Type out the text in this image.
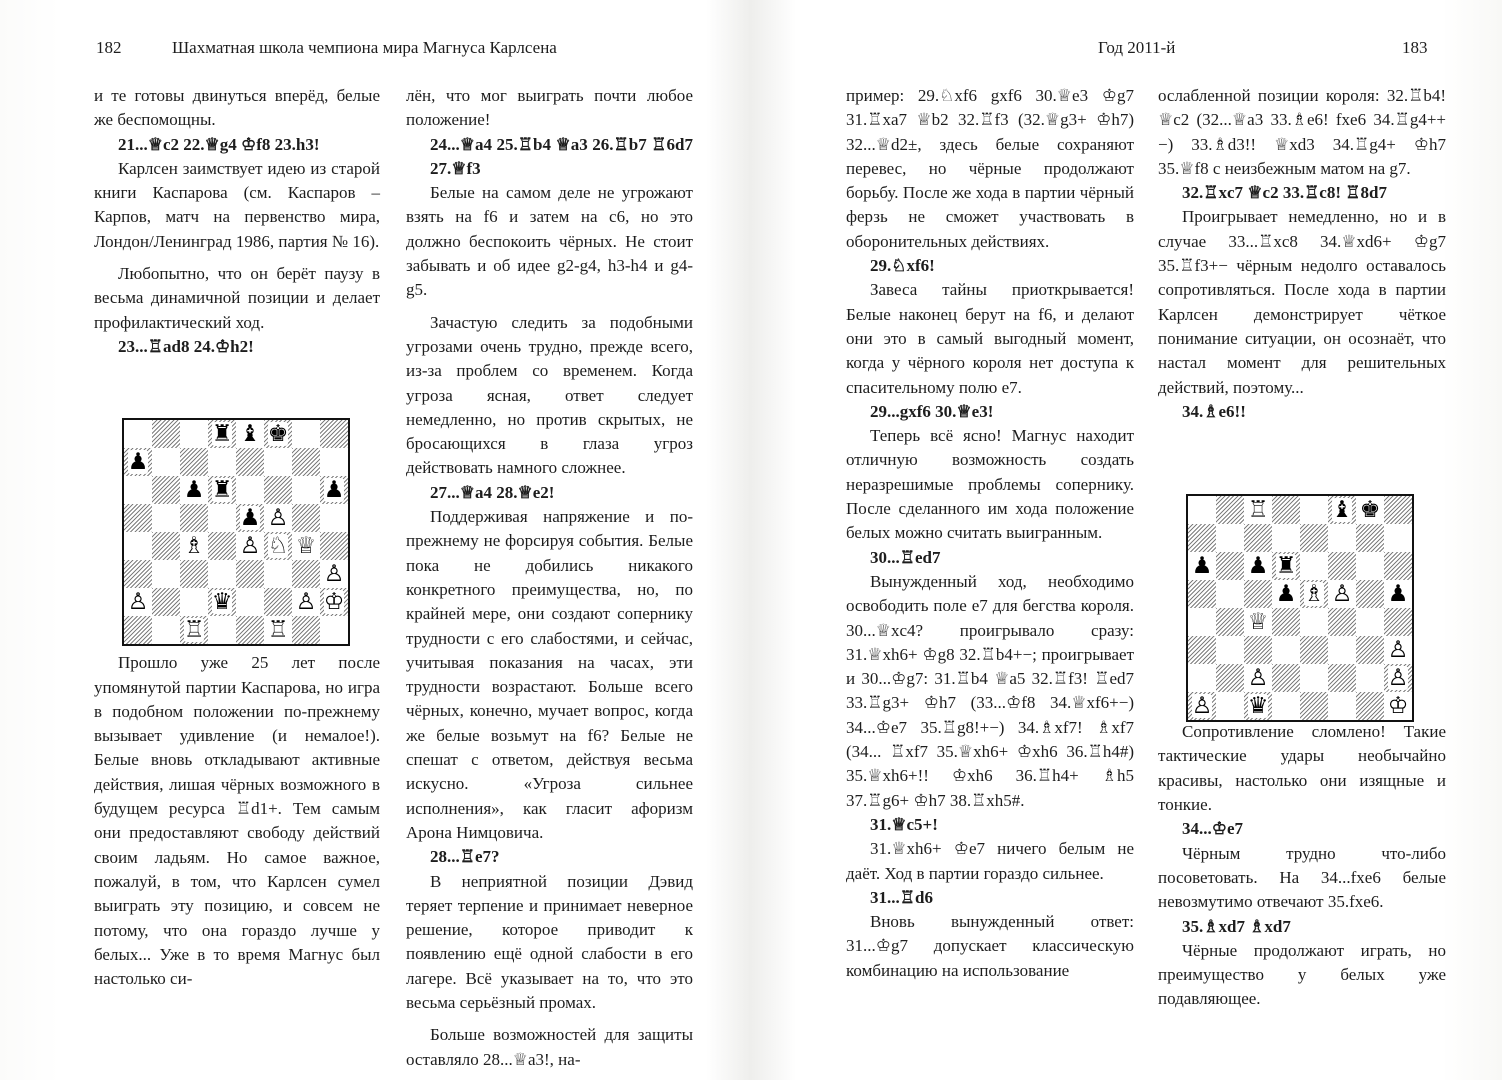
182	Шахматная школа чемпиона мира Магнуса Карлсена	Год 2011-й	183

и те готовы двинуться вперёд, белые же беспомощны.

21...♕c2 22.♕g4 ♔f8 23.h3!

Карлсен заимствует идею из старой книги Каспарова (см. Каспаров – Карпов, матч на первенство мира, Лондон/Ленинград 1986, партия № 16).

Любопытно, что он берёт паузу в весьма динамичной позиции и делает профилактический ход.

23...♖ad8 24.♔h2!

Прошло уже 25 лет после упомянутой партии Каспарова, но игра в подобном положении по-прежнему вызывает удивление (и немалое!). Белые вновь откладывают активные действия, лишая чёрных возможного в будущем ресурса ♖d1+. Тем самым они предоставляют свободу действий своим ладьям. Но самое важное, пожалуй, в том, что Карлсен сумел выиграть эту позицию, и совсем не потому, что она гораздо лучше у белых... Уже в то время Магнус был настолько си-

лён, что мог выиграть почти любое положение!

24...♕a4 25.♖b4 ♕a3 26.♖b7 ♖6d7 27.♕f3

Белые на самом деле не угрожают взять на f6 и затем на c6, но это должно беспокоить чёрных. Не стоит забывать и об идее g2-g4, h3-h4 и g4-g5.

Зачастую следить за подобными угрозами очень трудно, прежде всего, из-за проблем со временем. Когда угроза ясная, ответ следует немедленно, но против скрытых, не бросающихся в глаза угроз действовать намного сложнее.

27...♕a4 28.♕e2!

Поддерживая напряжение и по-прежнему не форсируя события. Белые пока не добились никакого конкретного преимущества, но, по крайней мере, они создают сопернику трудности с его слабостями, и сейчас, учитывая показания на часах, эти трудности возрастают. Больше всего чёрных, конечно, мучает вопрос, когда же белые возьмут на f6? Белые не спешат с ответом, действуя весьма искусно. «Угроза сильнее исполнения», как гласит афоризм Арона Нимцовича.

28...♖e7?

В неприятной позиции Дэвид теряет терпение и принимает неверное решение, которое приводит к появлению ещё одной слабости в его лагере. Всё указывает на то, что это весьма серьёзный промах.

Больше возможностей для защиты оставляло 28...♕a3!, на-

пример: 29.♘xf6 gxf6 30.♕e3 ♔g7 31.♖xa7 ♕b2 32.♖f3 (32.♕g3+ ♔h7) 32...♕d2±, здесь белые сохраняют перевес, но чёрные продолжают борьбу. После же хода в партии чёрный ферзь не сможет участвовать в оборонительных действиях.

29.♘xf6!

Завеса тайны приоткрывается! Белые наконец берут на f6, и делают они это в самый выгодный момент, когда у чёрного короля нет доступа к спасительному полю e7.

29...gxf6 30.♕e3!

Теперь всё ясно! Магнус находит отличную возможность создать неразрешимые проблемы сопернику. После сделанного им хода положение белых можно считать выигранным.

30...♖ed7

Вынужденный ход, необходимо освободить поле e7 для бегства короля. 30...♕xc4? проигрывало сразу: 31.♕xh6+ ♔g8 32.♖b4+−; проигрывает и 30...♔g7: 31.♖b4 ♕a5 32.♖f3! ♖ed7 33.♖g3+ ♔h7 (33...♔f8 34.♕xf6+−) 34...♔e7 35.♖g8!+−) 34.♗xf7! ♗xf7 (34... ♖xf7 35.♕xh6+ ♔xh6 36.♖h4#) 35.♕xh6+!! ♔xh6 36.♖h4+ ♗h5 37.♖g6+ ♔h7 38.♖xh5#.

31.♕c5+!

31.♕xh6+ ♔e7 ничего белым не даёт. Ход в партии гораздо сильнее.

31...♖d6

Вновь вынужденный ответ: 31...♔g7 допускает классическую комбинацию на использование

ослабленной позиции короля: 32.♖b4! ♕c2 (32...♕a3 33.♗e6! fxe6 34.♖g4++−) 33.♗d3!! ♕xd3 34.♖g4+ ♔h7 35.♕f8 с неизбежным матом на g7.

32.♖xc7 ♕c2 33.♖c8! ♖8d7

Проигрывает немедленно, но и в случае 33...♖xc8 34.♕xd6+ ♔g7 35.♖f3+− чёрным недолго оставалось сопротивляться. После хода в партии Карлсен демонстрирует чёткое понимание ситуации, он осознаёт, что настал момент для решительных действий, поэтому...

34.♗e6!!

Сопротивление сломлено! Такие тактические удары необычайно красивы, настолько они изящные и тонкие.

34...♔e7

Чёрным трудно что-либо посоветовать. На 34...fxe6 белые невозмутимо отвечают 35.fxe6.

35.♗xd7 ♗xd7

Чёрные продолжают играть, но преимущество у белых уже подавляющее.

♜ ♝ ♚
♟
♟ ♜	♟
♟ ♙
♗ ♙ ♘ ♕
♙
♙	♛	♙ ♔
♖	♖
♖	♝ ♚
♟ ♟ ♜
♟ ♗ ♙ ♟
♕
♙
♙	♙
♙ ♛	♔
